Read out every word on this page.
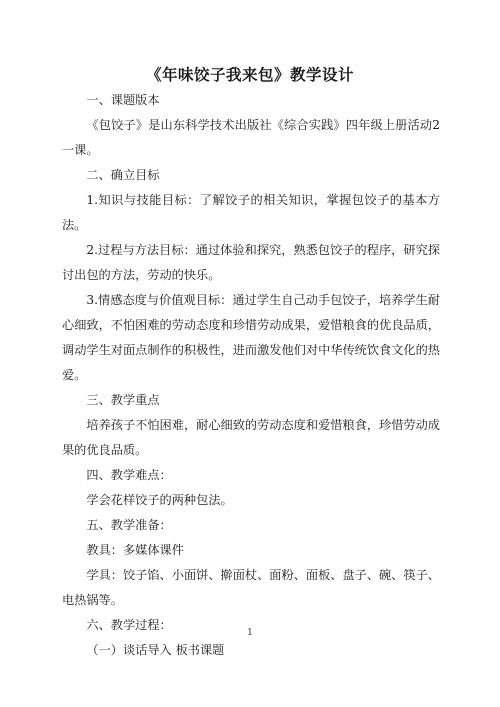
《年味饺子我来包》教学设计

一、课题版本

《包饺子》是山东科学技术出版社《综合实践》四年级上册活动2一课。

二、确立目标

1.知识与技能目标：了解饺子的相关知识，掌握包饺子的基本方法。

2.过程与方法目标：通过体验和探究，熟悉包饺子的程序，研究探讨出包的方法，劳动的快乐。

3.情感态度与价值观目标：通过学生自己动手包饺子，培养学生耐心细致，不怕困难的劳动态度和珍惜劳动成果，爱惜粮食的优良品质，调动学生对面点制作的积极性，进而激发他们对中华传统饮食文化的热爱。

三、教学重点

培养孩子不怕困难，耐心细致的劳动态度和爱惜粮食，珍惜劳动成果的优良品质。

四、教学难点：

学会花样饺子的两种包法。

五、教学准备：

教具：多媒体课件

学具：饺子馅、小面饼、擀面杖、面粉、面板、盘子、碗、筷子、电热锅等。

六、教学过程：

（一）谈话导入 板书课题

1
